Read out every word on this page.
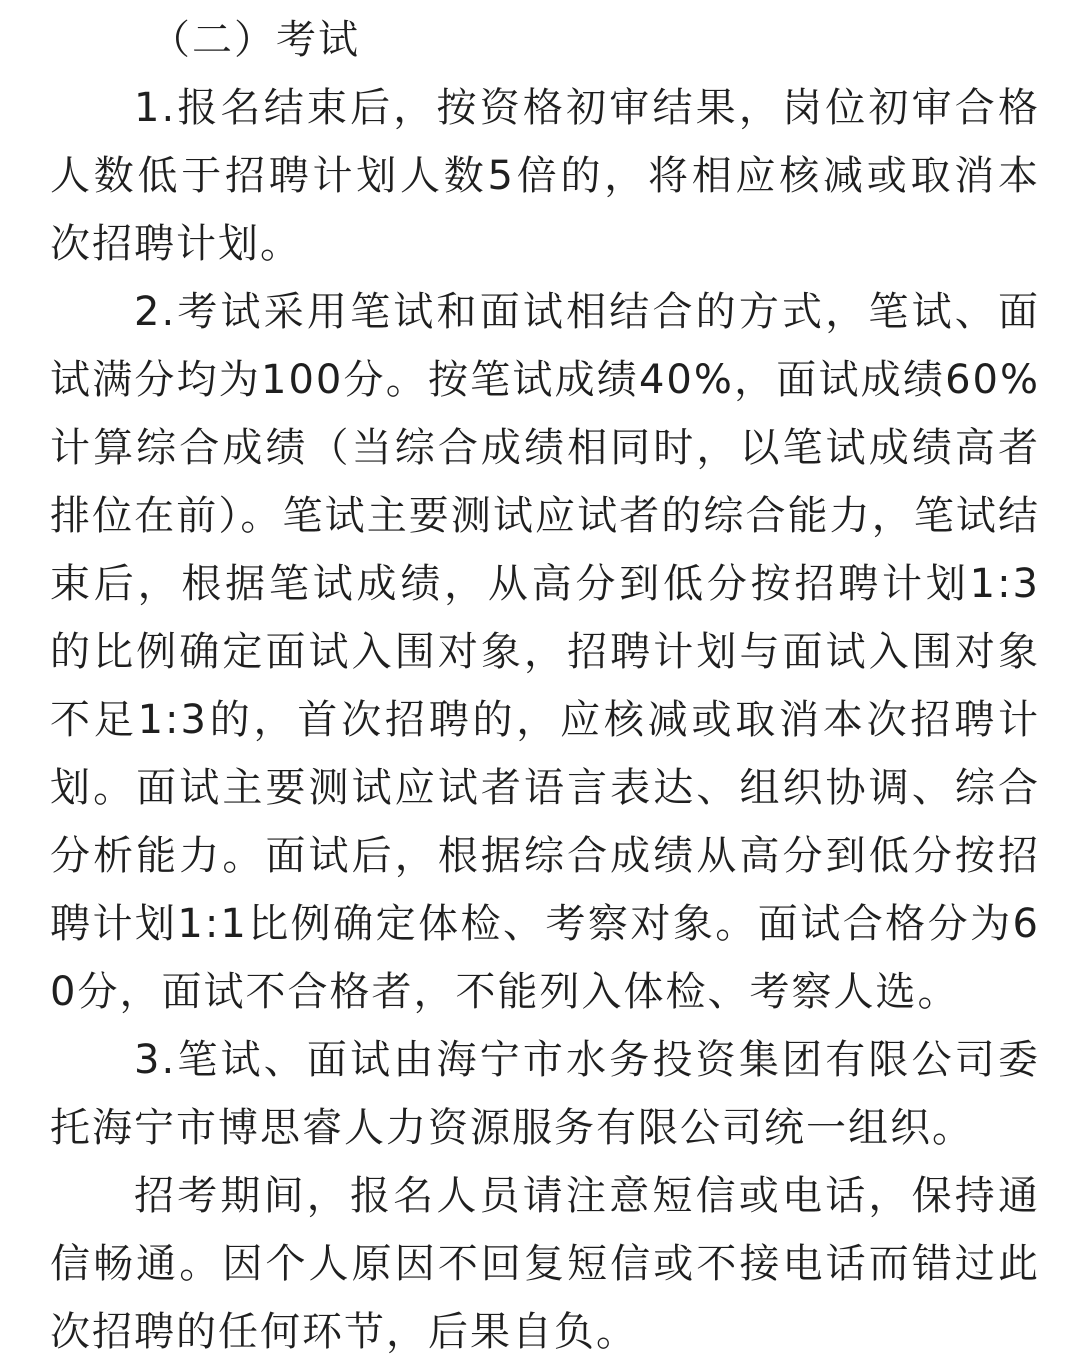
（二）考试

1.报名结束后，按资格初审结果，岗位初审合格人数低于招聘计划人数5倍的，将相应核减或取消本次招聘计划。

2.考试采用笔试和面试相结合的方式，笔试、面试满分均为100分。按笔试成绩40%，面试成绩60%计算综合成绩（当综合成绩相同时，以笔试成绩高者排位在前）。笔试主要测试应试者的综合能力，笔试结束后，根据笔试成绩，从高分到低分按招聘计划1:3的比例确定面试入围对象，招聘计划与面试入围对象不足1:3的，首次招聘的，应核减或取消本次招聘计划。面试主要测试应试者语言表达、组织协调、综合分析能力。面试后，根据综合成绩从高分到低分按招聘计划1:1比例确定体检、考察对象。面试合格分为60分，面试不合格者，不能列入体检、考察人选。

3.笔试、面试由海宁市水务投资集团有限公司委托海宁市博思睿人力资源服务有限公司统一组织。

招考期间，报名人员请注意短信或电话，保持通信畅通。因个人原因不回复短信或不接电话而错过此次招聘的任何环节，后果自负。
